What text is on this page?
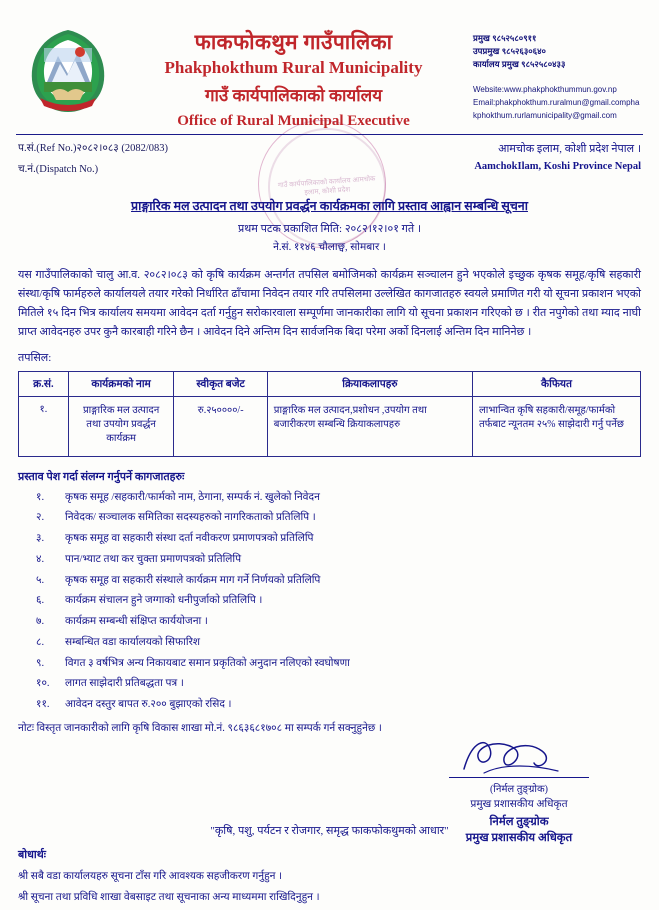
गाउँ कार्यपालिकाको कार्यालय आमचोक इलाम, कोशी प्रदेश
फाकफोकथुम गाउँपालिका
Phakphokthum Rural Municipality
गाउँ कार्यपालिकाको कार्यालय
Office of Rural Municipal Executive
प्रमुख ९८५२५८०९११
उपप्रमुख ९८५२६३०६४०
कार्यालय प्रमुख ९८५२५८०४३३
Website:www.phakphokthummun.gov.np
Email:phakphokthum.ruralmun@gmail.compha
kphokthum.rurlamunicipality@gmail.com
प.सं.(Ref No.)२०८२।०८३ (2082/083)
च.नं.(Dispatch No.)
आमचोक इलाम, कोशी प्रदेश नेपाल ।
AamchokIlam, Koshi Province Nepal
प्राङ्गारिक मल उत्पादन तथा उपयोग प्रवर्द्धन कार्यक्रमका लागि प्रस्ताव आह्वान सम्बन्धि सूचना
प्रथम पटक प्रकाशित मिति: २०८२।१२।०१ गते ।
ने.सं. ११४६ चौलाछ्व, सोमबार ।
यस गाउँपालिकाको चालु आ.व. २०८२।०८३ को कृषि कार्यक्रम अन्तर्गत तपसिल बमोजिमको कार्यक्रम सञ्चालन हुने भएकोले इच्छुक कृषक समूह/कृषि सहकारी संस्था/कृषि फार्महरुले कार्यालयले तयार गरेको निर्धारित ढाँचामा निवेदन तयार गरि तपसिलमा उल्लेखित कागजातहरु स्वयले प्रमाणित गरी यो सूचना प्रकाशन भएको मितिले १५ दिन भित्र कार्यालय समयमा आवेदन दर्ता गर्नुहुन सरोकारवाला सम्पूर्णमा जानकारीका लागि यो सूचना प्रकाशन गरिएको छ । रीत नपुगेको तथा म्याद नाघी प्राप्त आवेदनहरु उपर कुनै कारबाही गरिने छैन । आवेदन दिने अन्तिम दिन सार्वजनिक बिदा परेमा अर्को दिनलाई अन्तिम दिन मानिनेछ ।
तपसिल:
क्र.सं.	कार्यक्रमको नाम	स्वीकृत बजेट	क्रियाकलापहरु	कैफियत
१.	प्राङ्गारिक मल उत्पादन तथा उपयोग प्रवर्द्धन कार्यक्रम	रु.२५००००/-	प्राङ्गारिक मल उत्पादन,प्रशोधन ,उपयोग तथा बजारीकरण सम्बन्धि क्रियाकलापहरु	लाभान्वित कृषि सहकारी/समूह/फार्मको तर्फबाट न्यूनतम २५% साझेदारी गर्नु पर्नेछ
प्रस्ताव पेश गर्दा संलग्न गर्नुपर्ने कागजातहरुः
१.	कृषक समूह /सहकारी/फार्मको नाम, ठेगाना, सम्पर्क नं. खुलेको निवेदन
२.	निवेदक/ सञ्चालक समितिका सदस्यहरुको नागरिकताको प्रतिलिपि ।
३.	कृषक समूह वा सहकारी संस्था दर्ता नवीकरण प्रमाणपत्रको प्रतिलिपि
४.	पान/भ्याट तथा कर चुक्ता प्रमाणपत्रको प्रतिलिपि
५.	कृषक समूह वा सहकारी संस्थाले कार्यक्रम माग गर्ने निर्णयको प्रतिलिपि
६.	कार्यक्रम संचालन हुने जग्गाको धनीपुर्जाको प्रतिलिपि ।
७.	कार्यक्रम सम्बन्धी संक्षिप्त कार्ययोजना ।
८.	सम्बन्धित वडा कार्यालयको सिफारिश
९.	विगत ३ वर्षभित्र अन्य निकायबाट समान प्रकृतिको अनुदान नलिएको स्वघोषणा
१०.	लागत साझेदारी प्रतिबद्धता पत्र ।
११.	आवेदन दस्तुर बापत रु.२०० बुझाएको रसिद ।
नोटः विस्तृत जानकारीको लागि कृषि विकास शाखा मो.नं. ९८६३६८१७०८ मा सम्पर्क गर्न सक्नुहुनेछ ।
(निर्मल तुङ्ग्रोक)
प्रमुख प्रशासकीय अधिकृत
निर्मल तुङ्ग्रोक
प्रमुख प्रशासकीय अधिकृत
बोधार्थः
श्री सबै वडा कार्यालयहरु सूचना टाँस गरि आवश्यक सहजीकरण गर्नुहुन ।
श्री सूचना तथा प्रविधि शाखा वेबसाइट तथा सूचनाका अन्य माध्यममा राखिदिनुहुन ।
"कृषि, पशु, पर्यटन र रोजगार, समृद्ध फाकफोकथुमको आधार"
